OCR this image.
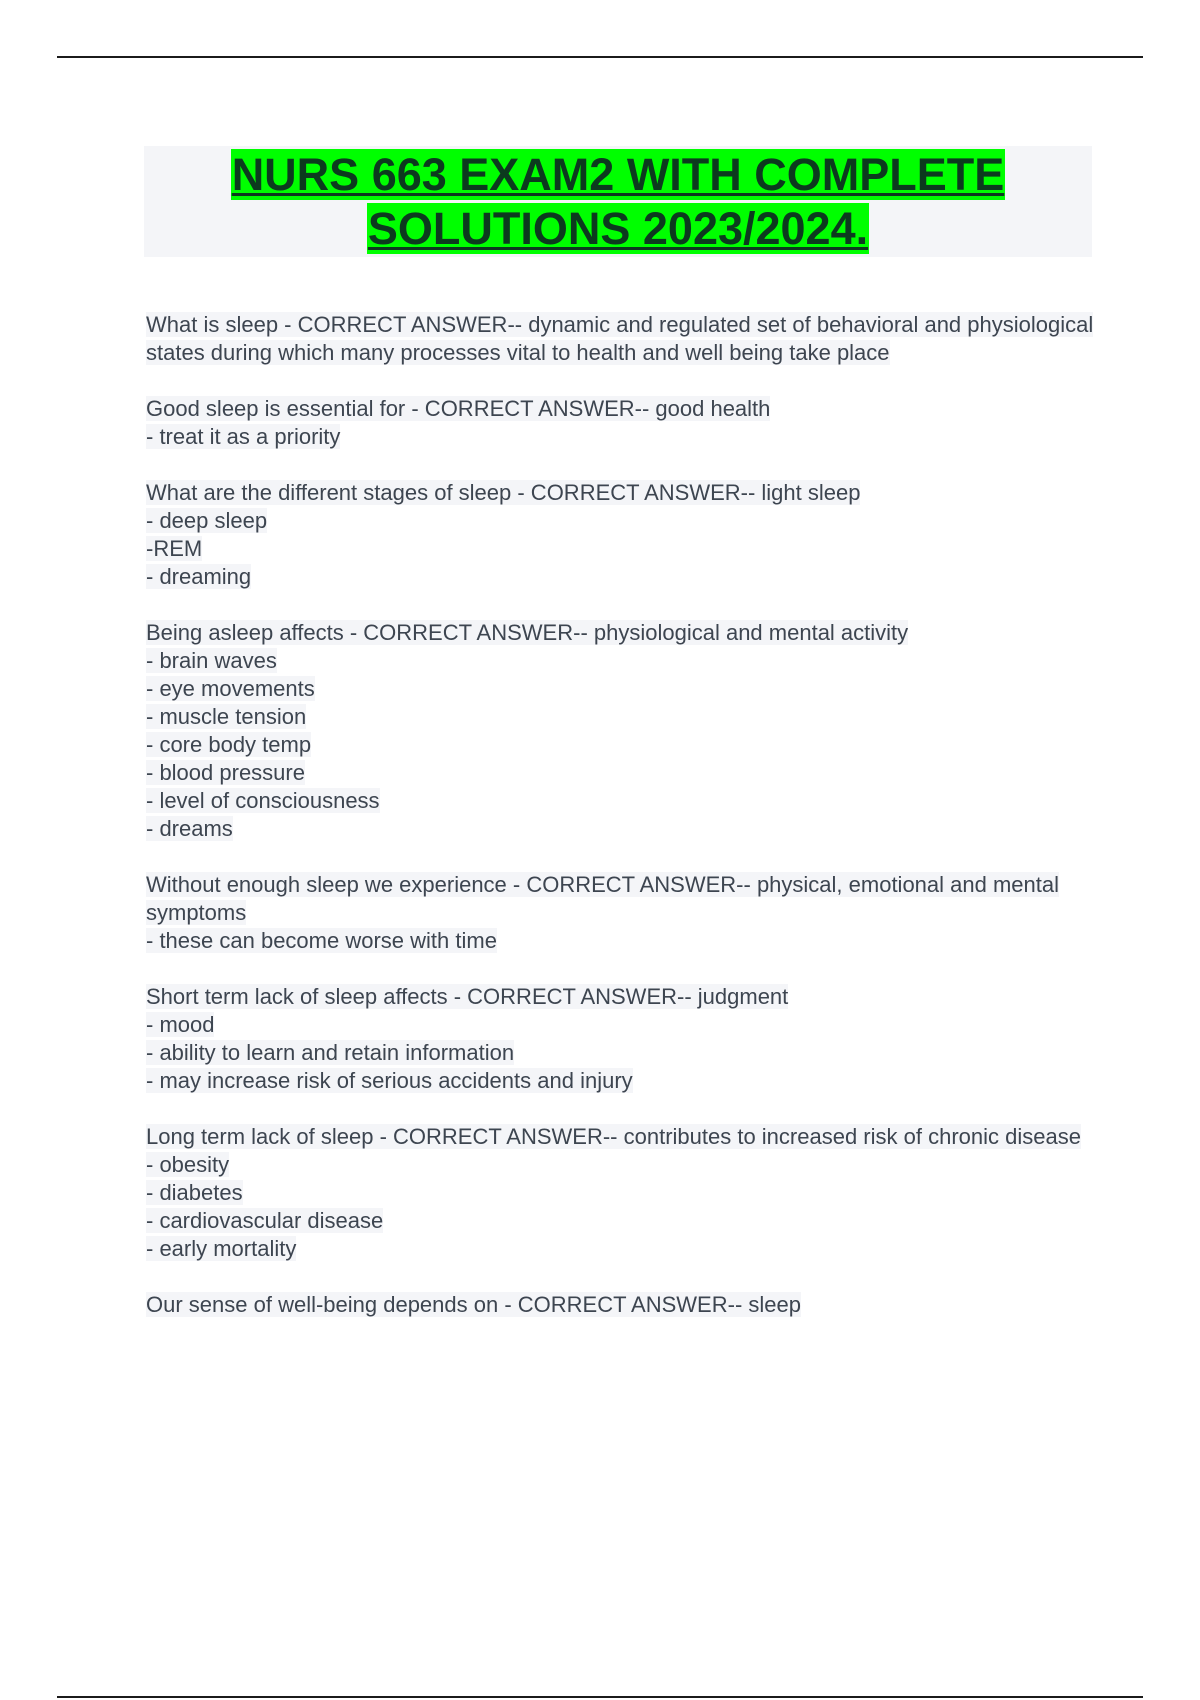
NURS 663 EXAM2 WITH COMPLETE
SOLUTIONS 2023/2024.
What is sleep - CORRECT ANSWER-- dynamic and regulated set of behavioral and physiological states during which many processes vital to health and well being take place
Good sleep is essential for - CORRECT ANSWER-- good health
- treat it as a priority
What are the different stages of sleep - CORRECT ANSWER-- light sleep
- deep sleep
-REM
- dreaming
Being asleep affects - CORRECT ANSWER-- physiological and mental activity
- brain waves
- eye movements
- muscle tension
- core body temp
- blood pressure
- level of consciousness
- dreams
Without enough sleep we experience - CORRECT ANSWER-- physical, emotional and mental symptoms
- these can become worse with time
Short term lack of sleep affects - CORRECT ANSWER-- judgment
- mood
- ability to learn and retain information
- may increase risk of serious accidents and injury
Long term lack of sleep - CORRECT ANSWER-- contributes to increased risk of chronic disease
- obesity
- diabetes
- cardiovascular disease
- early mortality
Our sense of well-being depends on - CORRECT ANSWER-- sleep
